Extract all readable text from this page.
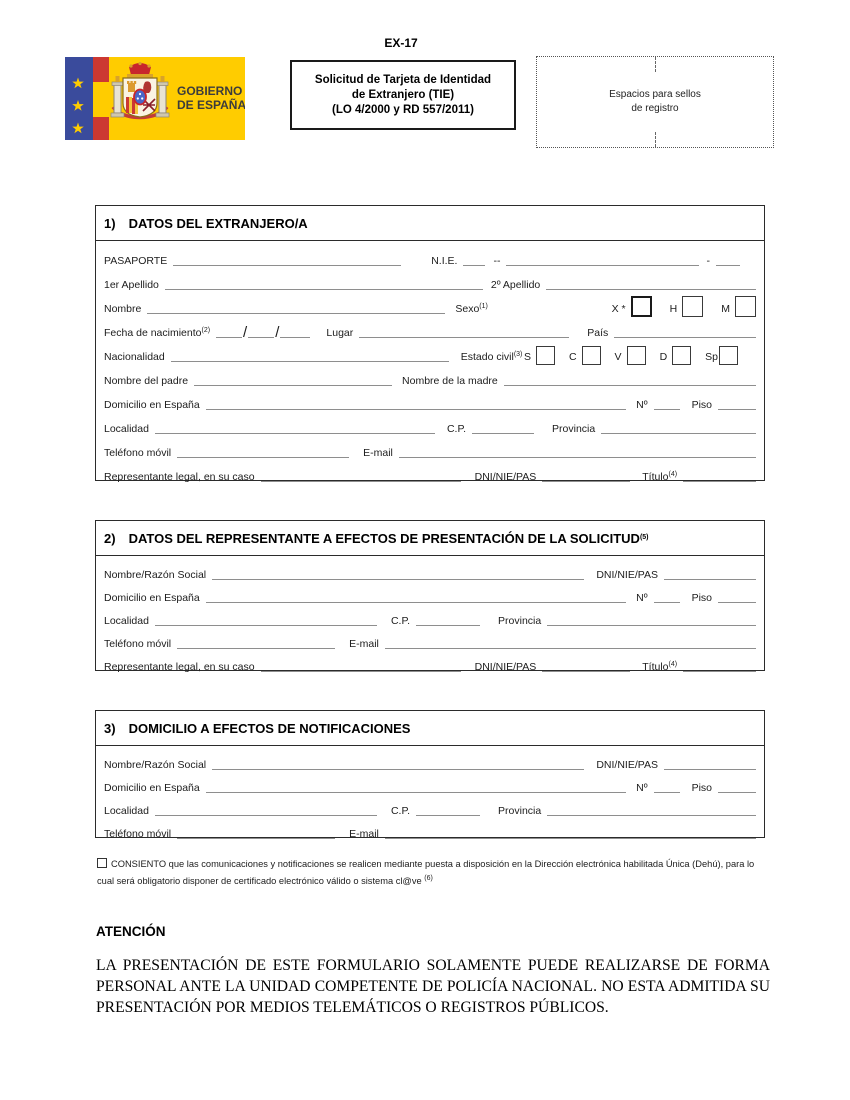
EX-17
GOBIERNO
DE ESPAÑA
Solicitud de Tarjeta de Identidad
de Extranjero (TIE)
(LO 4/2000 y RD 557/2011)
Espacios para sellos
de registro
1) DATOS DEL EXTRANJERO/A
PASAPORTE	N.I.E.	--	-
1er Apellido	2º Apellido
Nombre	Sexo$^{(1)}$	X *	H	M
Fecha de nacimiento$^{(2)}$ / /	Lugar	País
Nacionalidad	Estado civil$^{(3)}$ S	C	V	D	Sp
Nombre del padre	Nombre de la madre
Domicilio en España	Nº	Piso
Localidad	C.P.	Provincia
Teléfono móvil	E-mail
Representante legal, en su caso	DNI/NIE/PAS	Título$^{(4)}$
2) DATOS DEL REPRESENTANTE A EFECTOS DE PRESENTACIÓN DE LA SOLICITUD$^{(5)}$
Nombre/Razón Social	DNI/NIE/PAS
Domicilio en España	Nº	Piso
Localidad	C.P.	Provincia
Teléfono móvil	E-mail
Representante legal, en su caso	DNI/NIE/PAS	Título$^{(4)}$
3) DOMICILIO A EFECTOS DE NOTIFICACIONES
Nombre/Razón Social	DNI/NIE/PAS
Domicilio en España	Nº	Piso
Localidad	C.P.	Provincia
Teléfono móvil	E-mail
CONSIENTO que las comunicaciones y notificaciones se realicen mediante puesta a disposición en la Dirección electrónica habilitada Única (Dehú), para lo cual será obligatorio disponer de certificado electrónico válido o sistema cl@ve $^{(6)}$
ATENCIÓN
LA PRESENTACIÓN DE ESTE FORMULARIO SOLAMENTE PUEDE REALIZARSE DE FORMA PERSONAL ANTE LA UNIDAD COMPETENTE DE POLICÍA NACIONAL. NO ESTA ADMITIDA SU PRESENTACIÓN POR MEDIOS TELEMÁTICOS O REGISTROS PÚBLICOS.
